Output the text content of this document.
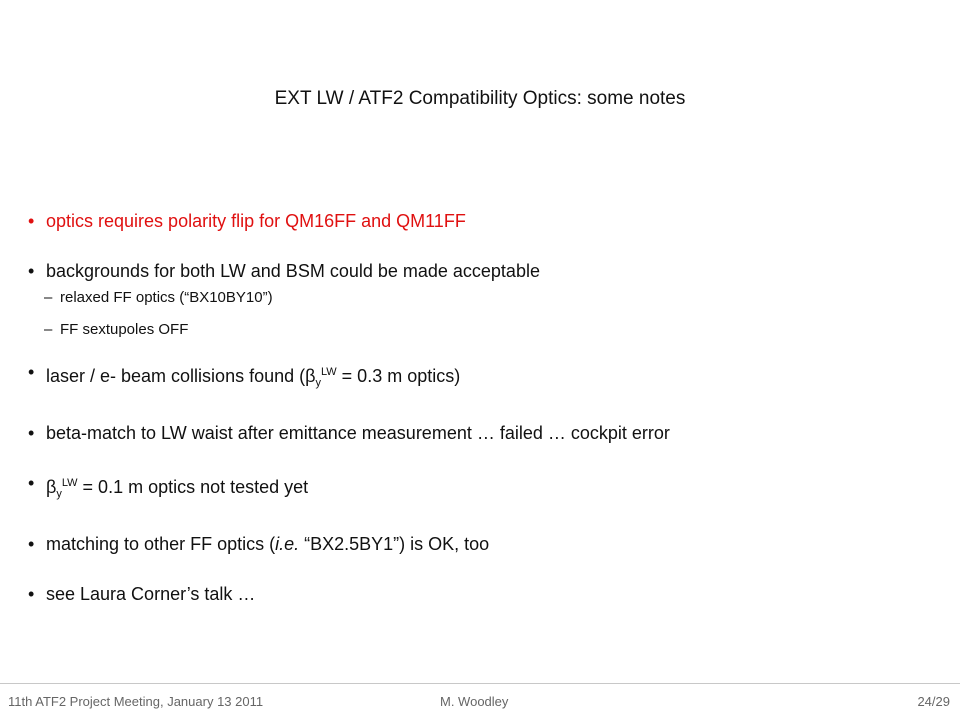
EXT LW / ATF2 Compatibility Optics: some notes
• optics requires polarity flip for QM16FF and QM11FF
• backgrounds for both LW and BSM could be made acceptable
– relaxed FF optics (“BX10BY10”)
– FF sextupoles OFF
• laser / e- beam collisions found ($\beta_y^{LW} = 0.3$ m optics)
• beta-match to LW waist after emittance measurement … failed … cockpit error
• $\beta_y^{LW} = 0.1$ m optics not tested yet
• matching to other FF optics (i.e. “BX2.5BY1”) is OK, too
• see Laura Corner’s talk …
11th ATF2 Project Meeting, January 13 2011	M. Woodley	24/29
